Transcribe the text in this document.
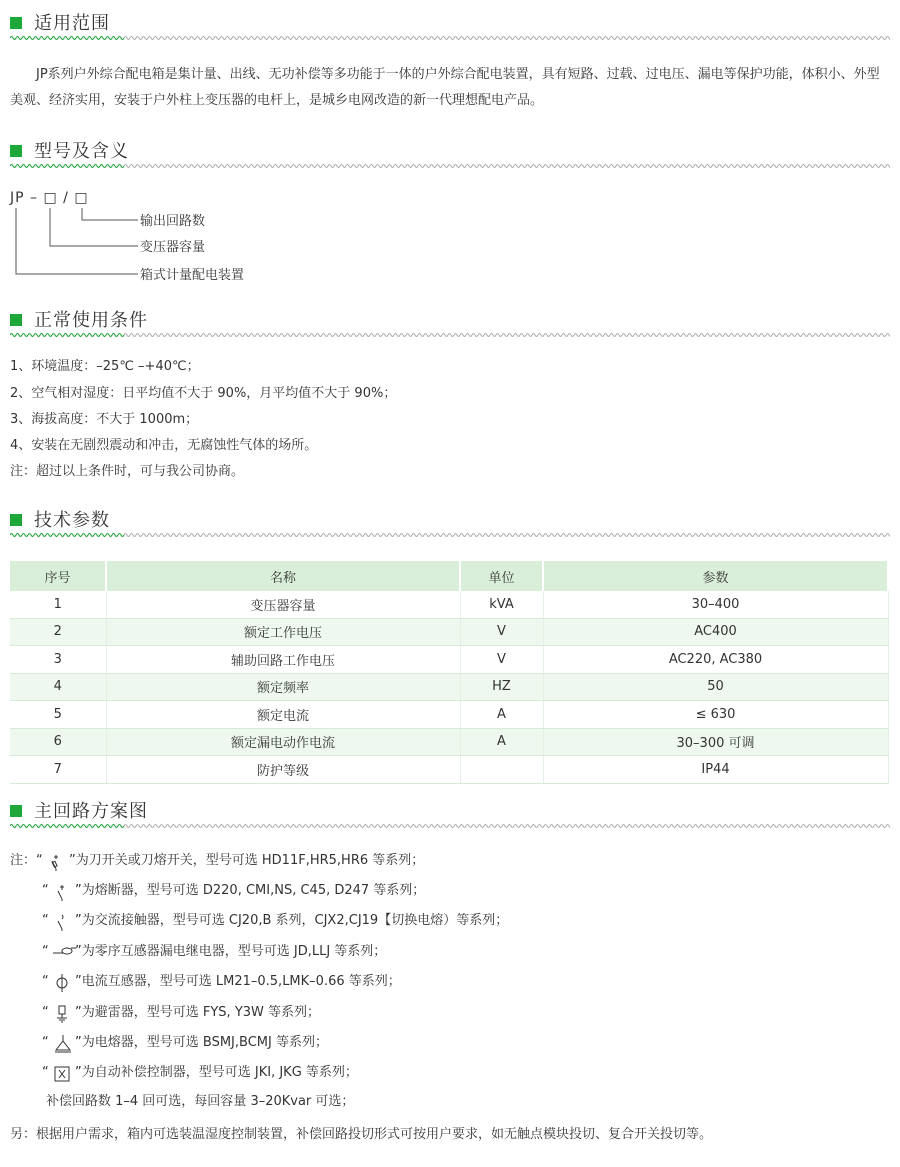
适用范围
JP系列户外综合配电箱是集计量、出线、无功补偿等多功能于一体的户外综合配电装置，具有短路、过载、过电压、漏电等保护功能，体积小、外型美观、经济实用，安装于户外柱上变压器的电杆上，是城乡电网改造的新一代理想配电产品。
型号及含义
JP – □ / □
输出回路数
变压器容量
箱式计量配电装置
正常使用条件
1、环境温度：–25℃ –+40℃；
2、空气相对湿度：日平均值不大于 90%，月平均值不大于 90%；
3、海拔高度：不大于 1000m；
4、安装在无剧烈震动和冲击，无腐蚀性气体的场所。
注：超过以上条件时，可与我公司协商。
技术参数
序号	名称	单位	参数
1	变压器容量	kVA	30–400
2	额定工作电压	V	AC400
3	辅助回路工作电压	V	AC220, AC380
4	额定频率	HZ	50
5	额定电流	A	≤ 630
6	额定漏电动作电流	A	30–300 可调
7	防护等级		IP44
主回路方案图
注：“  ”为刀开关或刀熔开关，型号可选 HD11F,HR5,HR6 等系列；
“  ”为熔断器，型号可选 D220, CMI,NS, C45, D247 等系列；
“  ”为交流接触器，型号可选 CJ20,B 系列，CJX2,CJ19【切换电熔）等系列；
“  ”为零序互感器漏电继电器，型号可选 JD,LLJ 等系列；
“  ”电流互感器，型号可选 LM21–0.5,LMK–0.66 等系列；
“  ”为避雷器，型号可选 FYS, Y3W 等系列；
“  ”为电熔器，型号可选 BSMJ,BCMJ 等系列；
“  ”为自动补偿控制器，型号可选 JKI, JKG 等系列；
补偿回路数 1–4 回可选，每回容量 3–20Kvar 可选；
另：根据用户需求，箱内可选装温湿度控制装置，补偿回路投切形式可按用户要求，如无触点模块投切、复合开关投切等。
